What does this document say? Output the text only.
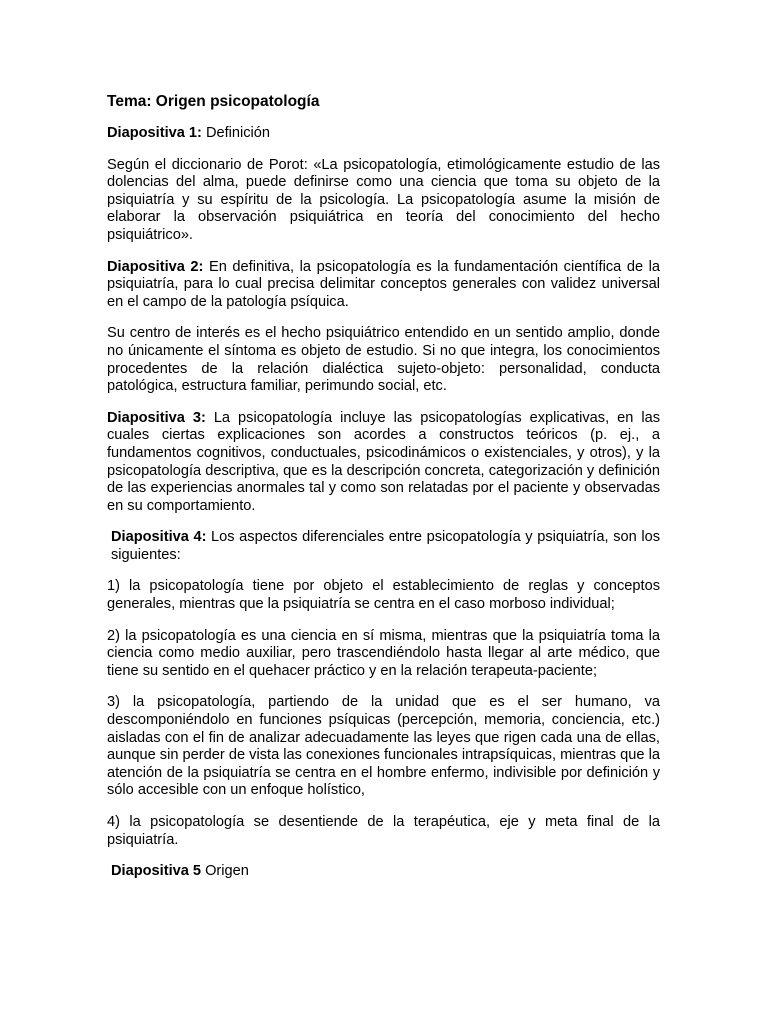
Tema: Origen psicopatología

Diapositiva 1: Definición

Según el diccionario de Porot: «La psicopatología, etimológicamente estudio de las dolencias del alma, puede definirse como una ciencia que toma su objeto de la psiquiatría y su espíritu de la psicología. La psicopatología asume la misión de elaborar la observación psiquiátrica en teoría del conocimiento del hecho psiquiátrico».

Diapositiva 2: En definitiva, la psicopatología es la fundamentación científica de la psiquiatría, para lo cual precisa delimitar conceptos generales con validez universal en el campo de la patología psíquica.

Su centro de interés es el hecho psiquiátrico entendido en un sentido amplio, donde no únicamente el síntoma es objeto de estudio. Si no que integra, los conocimientos procedentes de la relación dialéctica sujeto-objeto: personalidad, conducta patológica, estructura familiar, perimundo social, etc.

Diapositiva 3: La psicopatología incluye las psicopatologías explicativas, en las cuales ciertas explicaciones son acordes a constructos teóricos (p. ej., a fundamentos cognitivos, conductuales, psicodinámicos o existenciales, y otros), y la psicopatología descriptiva, que es la descripción concreta, categorización y definición de las experiencias anormales tal y como son relatadas por el paciente y observadas en su comportamiento.

Diapositiva 4: Los aspectos diferenciales entre psicopatología y psiquiatría, son los siguientes:

1) la psicopatología tiene por objeto el establecimiento de reglas y conceptos generales, mientras que la psiquiatría se centra en el caso morboso individual;

2) la psicopatología es una ciencia en sí misma, mientras que la psiquiatría toma la ciencia como medio auxiliar, pero trascendiéndolo hasta llegar al arte médico, que tiene su sentido en el quehacer práctico y en la relación terapeuta-paciente;

3) la psicopatología, partiendo de la unidad que es el ser humano, va descomponiéndolo en funciones psíquicas (percepción, memoria, conciencia, etc.) aisladas con el fin de analizar adecuadamente las leyes que rigen cada una de ellas, aunque sin perder de vista las conexiones funcionales intrapsíquicas, mientras que la atención de la psiquiatría se centra en el hombre enfermo, indivisible por definición y sólo accesible con un enfoque holístico,

4) la psicopatología se desentiende de la terapéutica, eje y meta final de la psiquiatría.

Diapositiva 5 Origen
